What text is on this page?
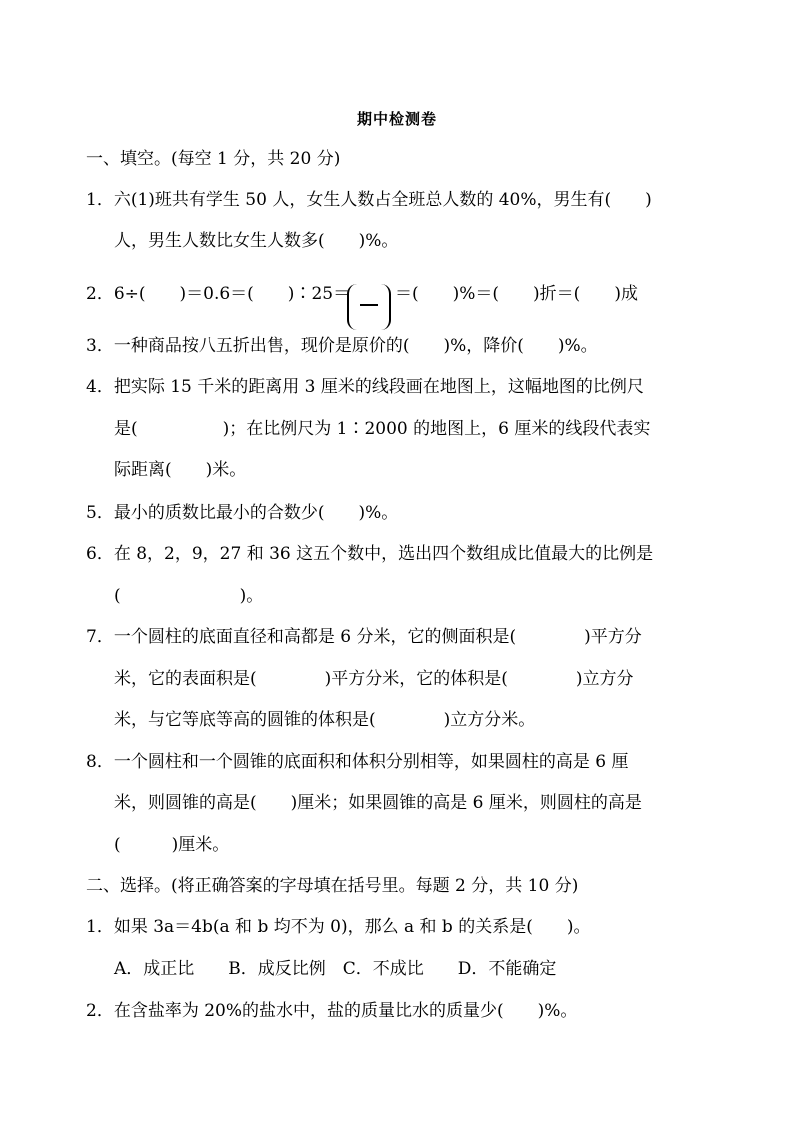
期中检测卷
一、填空。(每空 1 分，共 20 分)
1．六(1)班共有学生 50 人，女生人数占全班总人数的 40%，男生有(　　)
人，男生人数比女生人数多(　　)%。
2．6÷(　　)＝0.6＝(　　)∶25＝	＝(　　)%＝(　　)折＝(　　)成
3．一种商品按八五折出售，现价是原价的(　　)%，降价(　　)%。
4．把实际 15 千米的距离用 3 厘米的线段画在地图上，这幅地图的比例尺
是(　　　　　)；在比例尺为 1∶2000 的地图上，6 厘米的线段代表实
际距离(　　)米。
5．最小的质数比最小的合数少(　　)%。
6．在 8，2，9，27 和 36 这五个数中，选出四个数组成比值最大的比例是
(　　　　　　　)。
7．一个圆柱的底面直径和高都是 6 分米，它的侧面积是(　　　　)平方分
米，它的表面积是(　　　　)平方分米，它的体积是(　　　　)立方分
米，与它等底等高的圆锥的体积是(　　　　)立方分米。
8．一个圆柱和一个圆锥的底面积和体积分别相等，如果圆柱的高是 6 厘
米，则圆锥的高是(　　)厘米；如果圆锥的高是 6 厘米，则圆柱的高是
(　　　)厘米。
二、选择。(将正确答案的字母填在括号里。每题 2 分，共 10 分)
1．如果 3a＝4b(a 和 b 均不为 0)，那么 a 和 b 的关系是(　　)。
A．成正比　　B．成反比例　C．不成比　　D．不能确定
2．在含盐率为 20%的盐水中，盐的质量比水的质量少(　　)%。
